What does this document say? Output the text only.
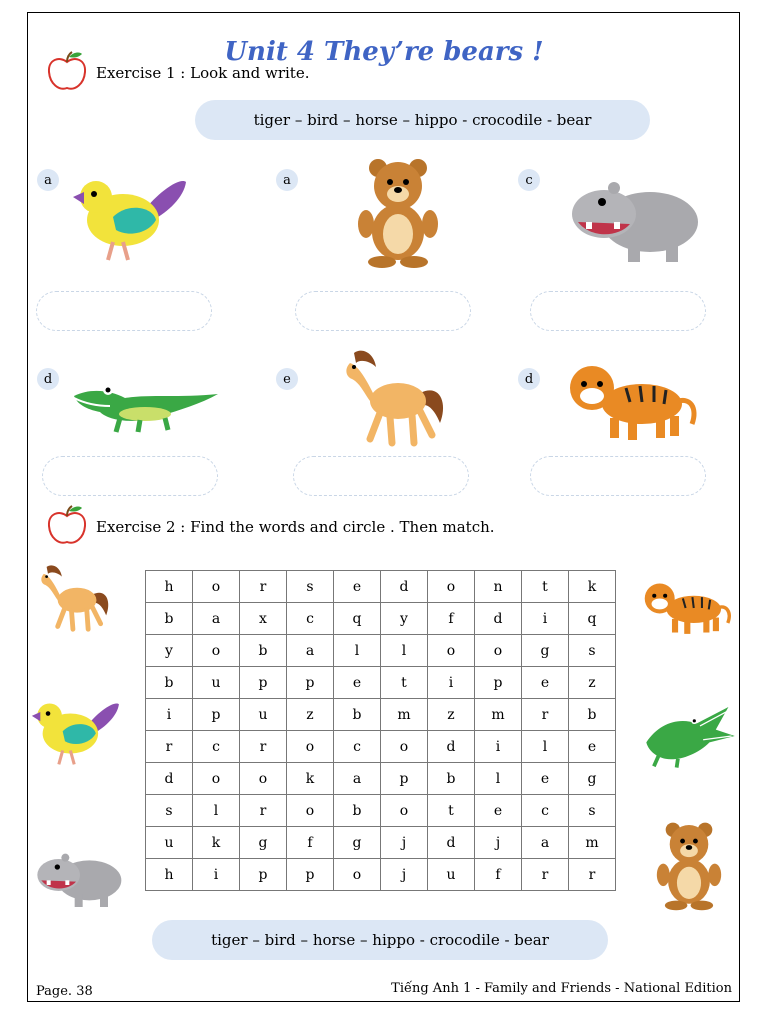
Unit 4 They’re bears !
Exercise 1 : Look and write.
tiger – bird – horse – hippo - crocodile - bear
a	a	c
d	e	d
Exercise 2 : Find the words and circle . Then match.
h	o	r	s	e	d	o	n	t	k
b	a	x	c	q	y	f	d	i	q
y	o	b	a	l	l	o	o	g	s
b	u	p	p	e	t	i	p	e	z
i	p	u	z	b	m	z	m	r	b
r	c	r	o	c	o	d	i	l	e
d	o	o	k	a	p	b	l	e	g
s	l	r	o	b	o	t	e	c	s
u	k	g	f	g	j	d	j	a	m
h	i	p	p	o	j	u	f	r	r
tiger – bird – horse – hippo - crocodile - bear
Page. 38	Tiếng Anh 1 - Family and Friends - National Edition
